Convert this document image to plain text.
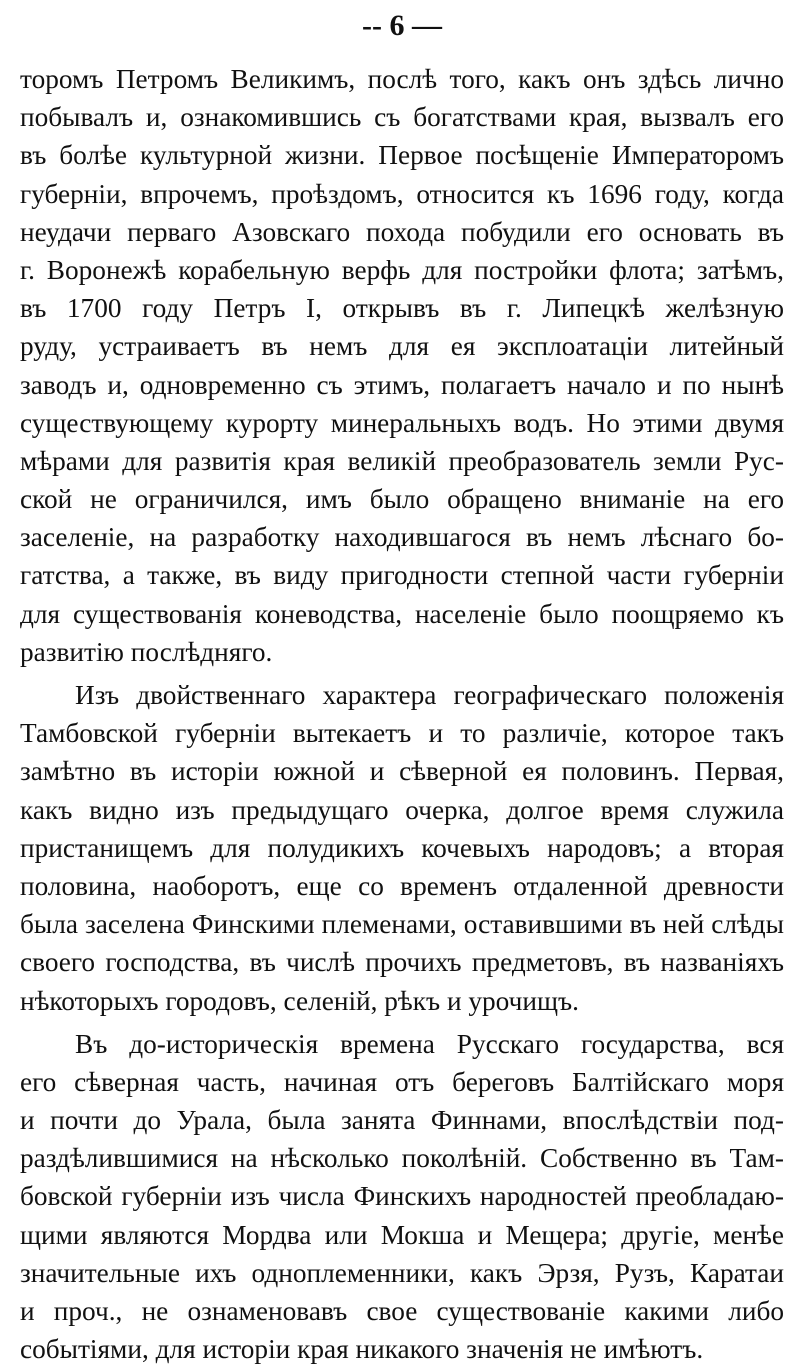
-- 6 —
торомъ Петромъ Великимъ, послѣ того, какъ онъ здѣсь лично
побывалъ и, ознакомившись съ богатствами края, вызвалъ его
въ болѣе культурной жизни. Первое посѣщеніе Императоромъ
губерніи, впрочемъ, проѣздомъ, относится къ 1696 году, когда
неудачи перваго Азовскаго похода побудили его основать въ
г. Воронежѣ корабельную верфь для постройки флота; затѣмъ,
въ 1700 году Петръ I, открывъ въ г. Липецкѣ желѣзную
руду, устраиваетъ въ немъ для ея эксплоатаціи литейный
заводъ и, одновременно съ этимъ, полагаетъ начало и по нынѣ
существующему курорту минеральныхъ водъ. Но этими двумя
мѣрами для развитія края великій преобразователь земли Рус-
ской не ограничился, имъ было обращено вниманіе на его
заселеніе, на разработку находившагося въ немъ лѣснаго бо-
гатства, а также, въ виду пригодности степной части губерніи
для существованія коневодства, населеніе было поощряемо къ
развитію послѣдняго.
Изъ двойственнаго характера географическаго положенія
Тамбовской губерніи вытекаетъ и то различіе, которое такъ
замѣтно въ исторіи южной и сѣверной ея половинъ. Первая,
какъ видно изъ предыдущаго очерка, долгое время служила
пристанищемъ для полудикихъ кочевыхъ народовъ; а вторая
половина, наоборотъ, еще со временъ отдаленной древности
была заселена Финскими племенами, оставившими въ ней слѣды
своего господства, въ числѣ прочихъ предметовъ, въ названіяхъ
нѣкоторыхъ городовъ, селеній, рѣкъ и урочищъ.
Въ до-историческія времена Русскаго государства, вся
его сѣверная часть, начиная отъ береговъ Балтійскаго моря
и почти до Урала, была занята Финнами, впослѣдствіи под-
раздѣлившимися на нѣсколько поколѣній. Собственно въ Там-
бовской губерніи изъ числа Финскихъ народностей преобладаю-
щими являются Мордва или Мокша и Мещера; другіе, менѣе
значительные ихъ одноплеменники, какъ Эрзя, Рузъ, Каратаи
и проч., не ознаменовавъ свое существованіе какими либо
событіями, для исторіи края никакого значенія не имѣютъ.
